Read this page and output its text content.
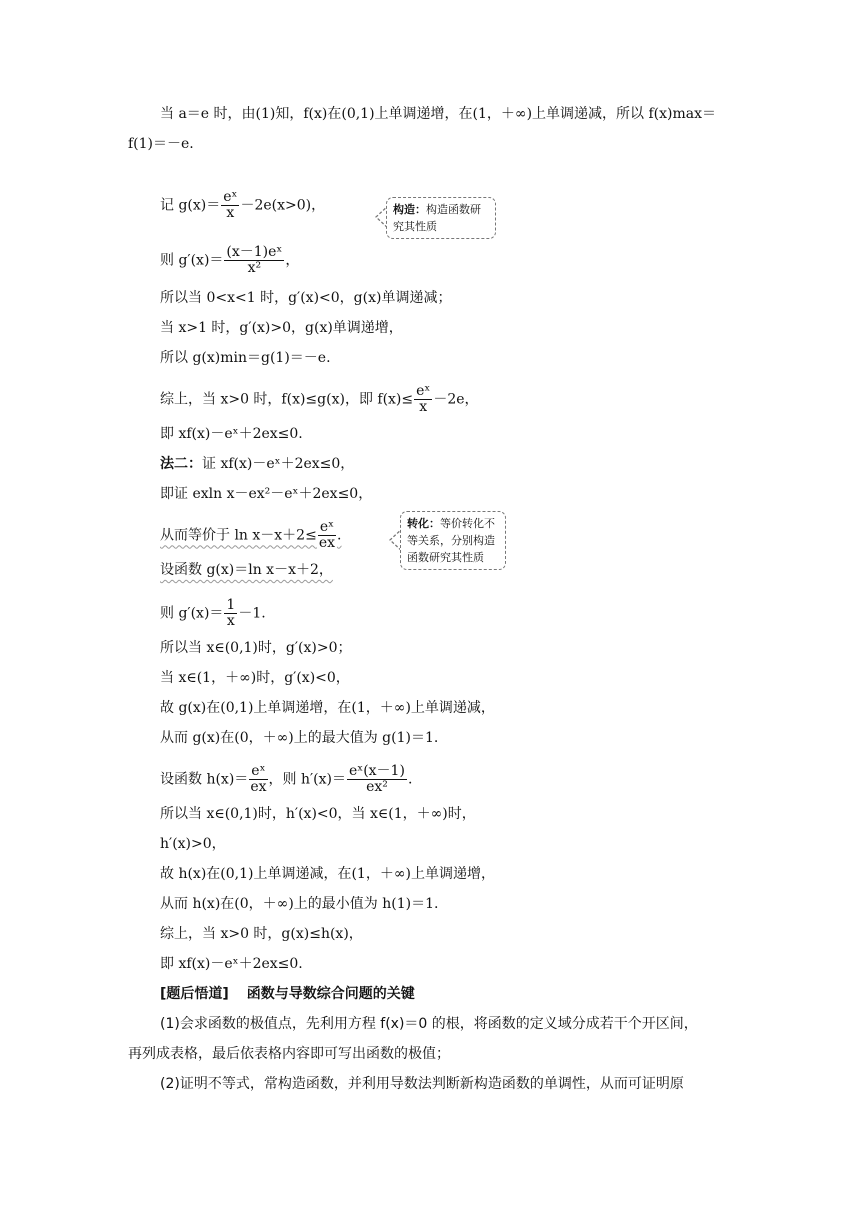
当 a＝e 时，由(1)知，f(x)在(0,1)上单调递增，在(1，＋∞)上单调递减，所以 f(x)max＝
f(1)＝－e.
记 $g(x)= \frac{\text{eˣ}}{x} -2e(x>0)$，	构造：构造函数研
究其性质
则 $g'(x)= \frac{\text{(x－1)eˣ}}{\text{x²}}$ ，
所以当 0<x<1 时，g′(x)<0，g(x)单调递减；
当 x>1 时，g′(x)>0，g(x)单调递增，
所以 g(x)min＝g(1)＝－e.
综上，当 x>0 时，f(x)≤g(x)，即 $f(x)\le \frac{\text{eˣ}}{x} -2e$，
即 xf(x)－eˣ＋2ex≤0.
法二：证 xf(x)－eˣ＋2ex≤0，
即证 exln x－ex²－eˣ＋2ex≤0，
从而等价于 $\ln x-x+2\le \frac{\text{eˣ}}{ex}$ .
转化：等价转化不
等关系，分别构造
函数研究其性质
设函数 g(x)＝ln x－x＋2，
则 $g'(x)= \frac{1}{x} -1$.
所以当 x∈(0,1)时，g′(x)>0；
当 x∈(1，＋∞)时，g′(x)<0，
故 g(x)在(0,1)上单调递增，在(1，＋∞)上单调递减，
从而 g(x)在(0，＋∞)上的最大值为 g(1)＝1.
设函数 $h(x)= \frac{\text{eˣ}}{ex}$ ，则 $h'(x)= \frac{\text{eˣ(x－1)}}{\text{ex²}}$ .
所以当 x∈(0,1)时，h′(x)<0，当 x∈(1，＋∞)时，
h′(x)>0，
故 h(x)在(0,1)上单调递减，在(1，＋∞)上单调递增，
从而 h(x)在(0，＋∞)上的最小值为 h(1)＝1.
综上，当 x>0 时，g(x)≤h(x)，
即 xf(x)－eˣ＋2ex≤0.
[题后悟道] 函数与导数综合问题的关键
(1)会求函数的极值点，先利用方程 f(x)＝0 的根，将函数的定义域分成若干个开区间，
再列成表格，最后依表格内容即可写出函数的极值；
(2)证明不等式，常构造函数，并利用导数法判断新构造函数的单调性，从而可证明原
